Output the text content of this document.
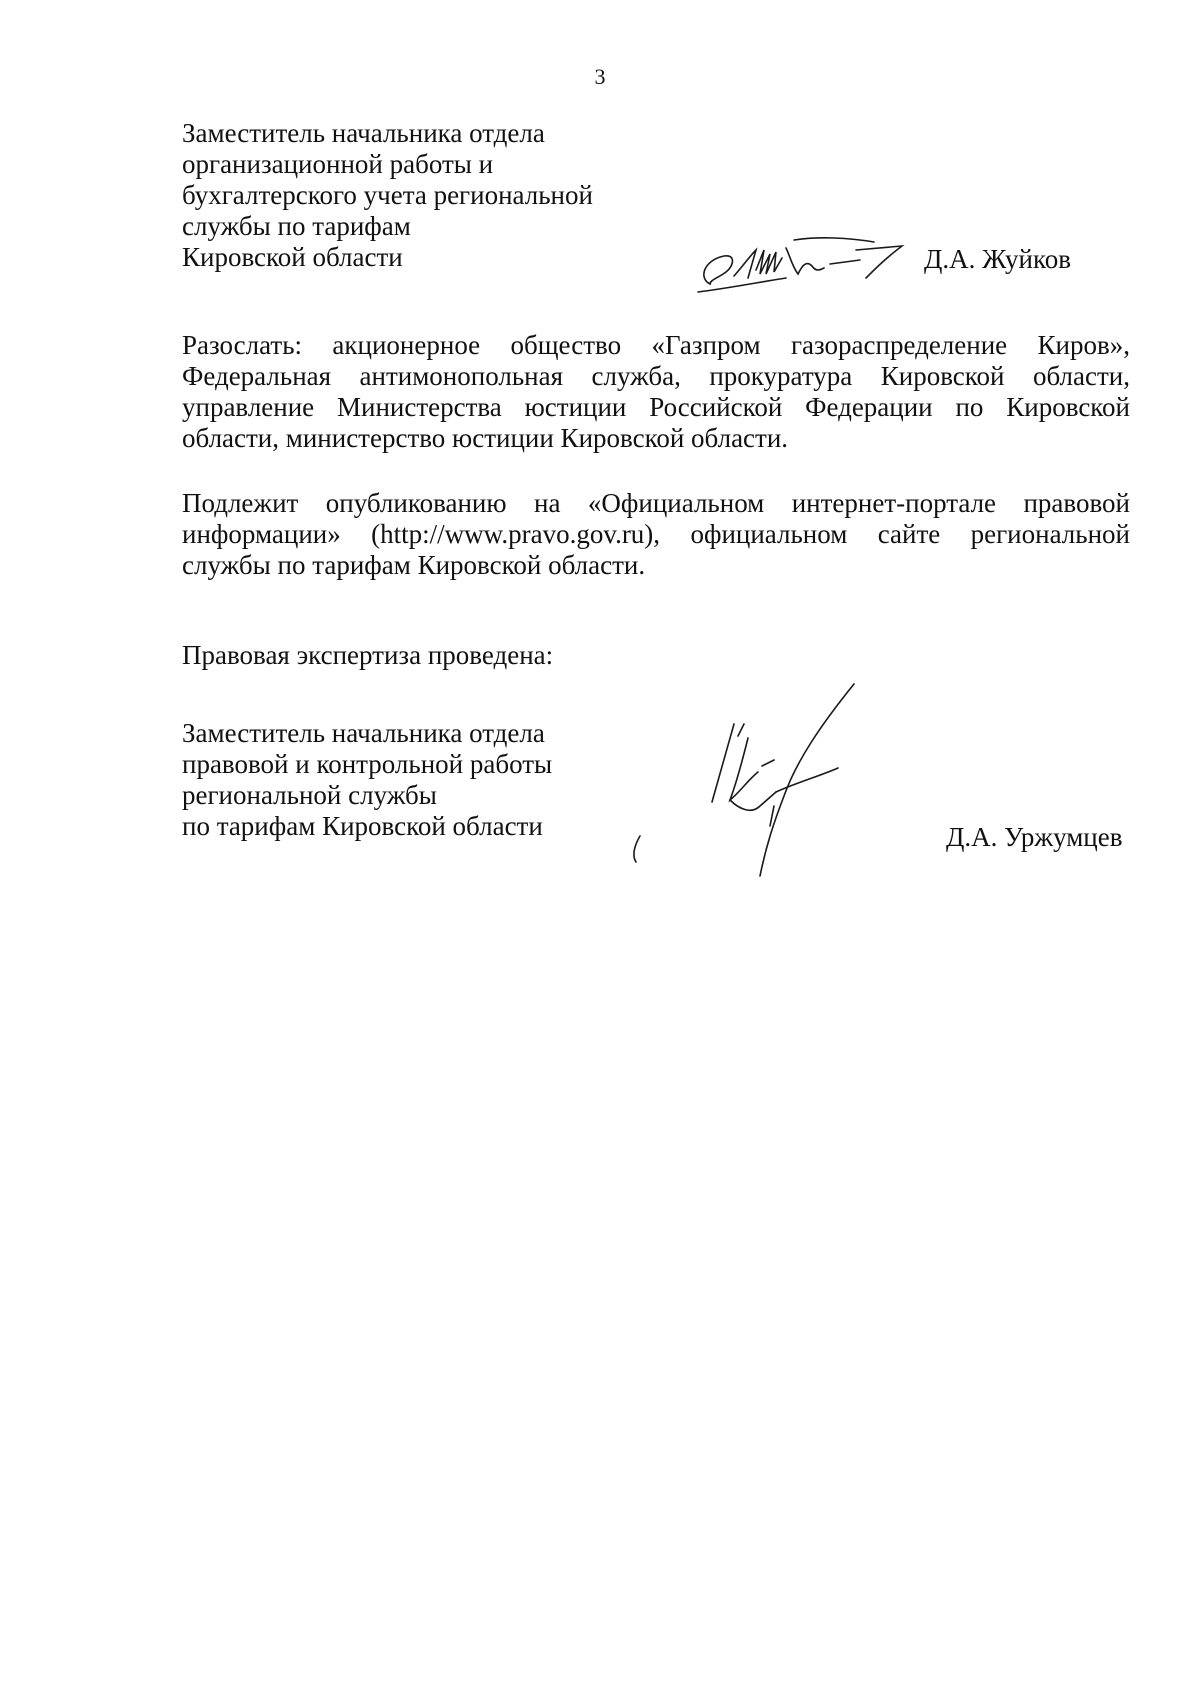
3
Заместитель начальника отдела
организационной работы и
бухгалтерского учета региональной
службы по тарифам
Кировской области	Д.А. Жуйков
Разослать: акционерное общество «Газпром газораспределение Киров», Федеральная антимонопольная служба, прокуратура Кировской области, управление Министерства юстиции Российской Федерации по Кировской области, министерство юстиции Кировской области.
Подлежит опубликованию на «Официальном интернет-портале правовой информации» (http://www.pravo.gov.ru), официальном сайте региональной службы по тарифам Кировской области.
Правовая экспертиза проведена:
Заместитель начальника отдела
правовой и контрольной работы
региональной службы
по тарифам Кировской области	Д.А. Уржумцев
